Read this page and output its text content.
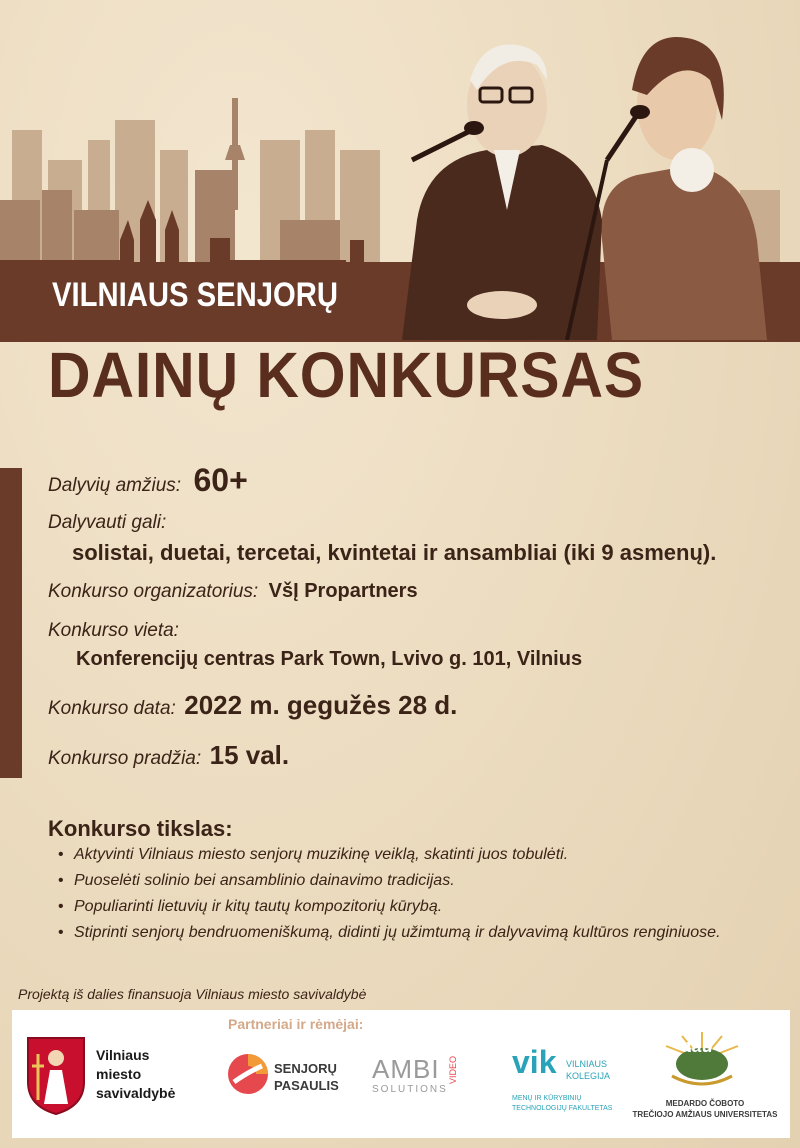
VILNIAUS SENJORŲ
DAINŲ KONKURSAS
Dalyvių amžius: 60+
Dalyvauti gali:
solistai, duetai, tercetai, kvintetai ir ansambliai (iki 9 asmenų).
Konkurso organizatorius: VšĮ Propartners
Konkurso vieta:
Konferencijų centras Park Town, Lvivo g. 101, Vilnius
Konkurso data: 2022 m. gegužės 28 d.
Konkurso pradžia: 15 val.
Konkurso tikslas:
• Aktyvinti Vilniaus miesto senjorų muzikinę veiklą, skatinti juos tobulėti.
• Puoselėti solinio bei ansamblinio dainavimo tradicijas.
• Populiarinti lietuvių ir kitų tautų kompozitorių kūrybą.
• Stiprinti senjorų bendruomeniškumą, didinti jų užimtumą ir dalyvavimą kultūros renginiuose.
Projektą iš dalies finansuoja Vilniaus miesto savivaldybė
Partneriai ir rėmėjai:
Vilniaus
miesto
savivaldybė
SENJORŲ
PASAULIS
AMBI
SOLUTIONS
VIDEO vik VILNIAUS
KOLEGIJA
MENŲ IR KŪRYBINIŲ
TECHNOLOGIJŲ FAKULTETAS
tau
MEDARDO ČOBOTO
TREČIOJO AMŽIAUS UNIVERSITETAS
